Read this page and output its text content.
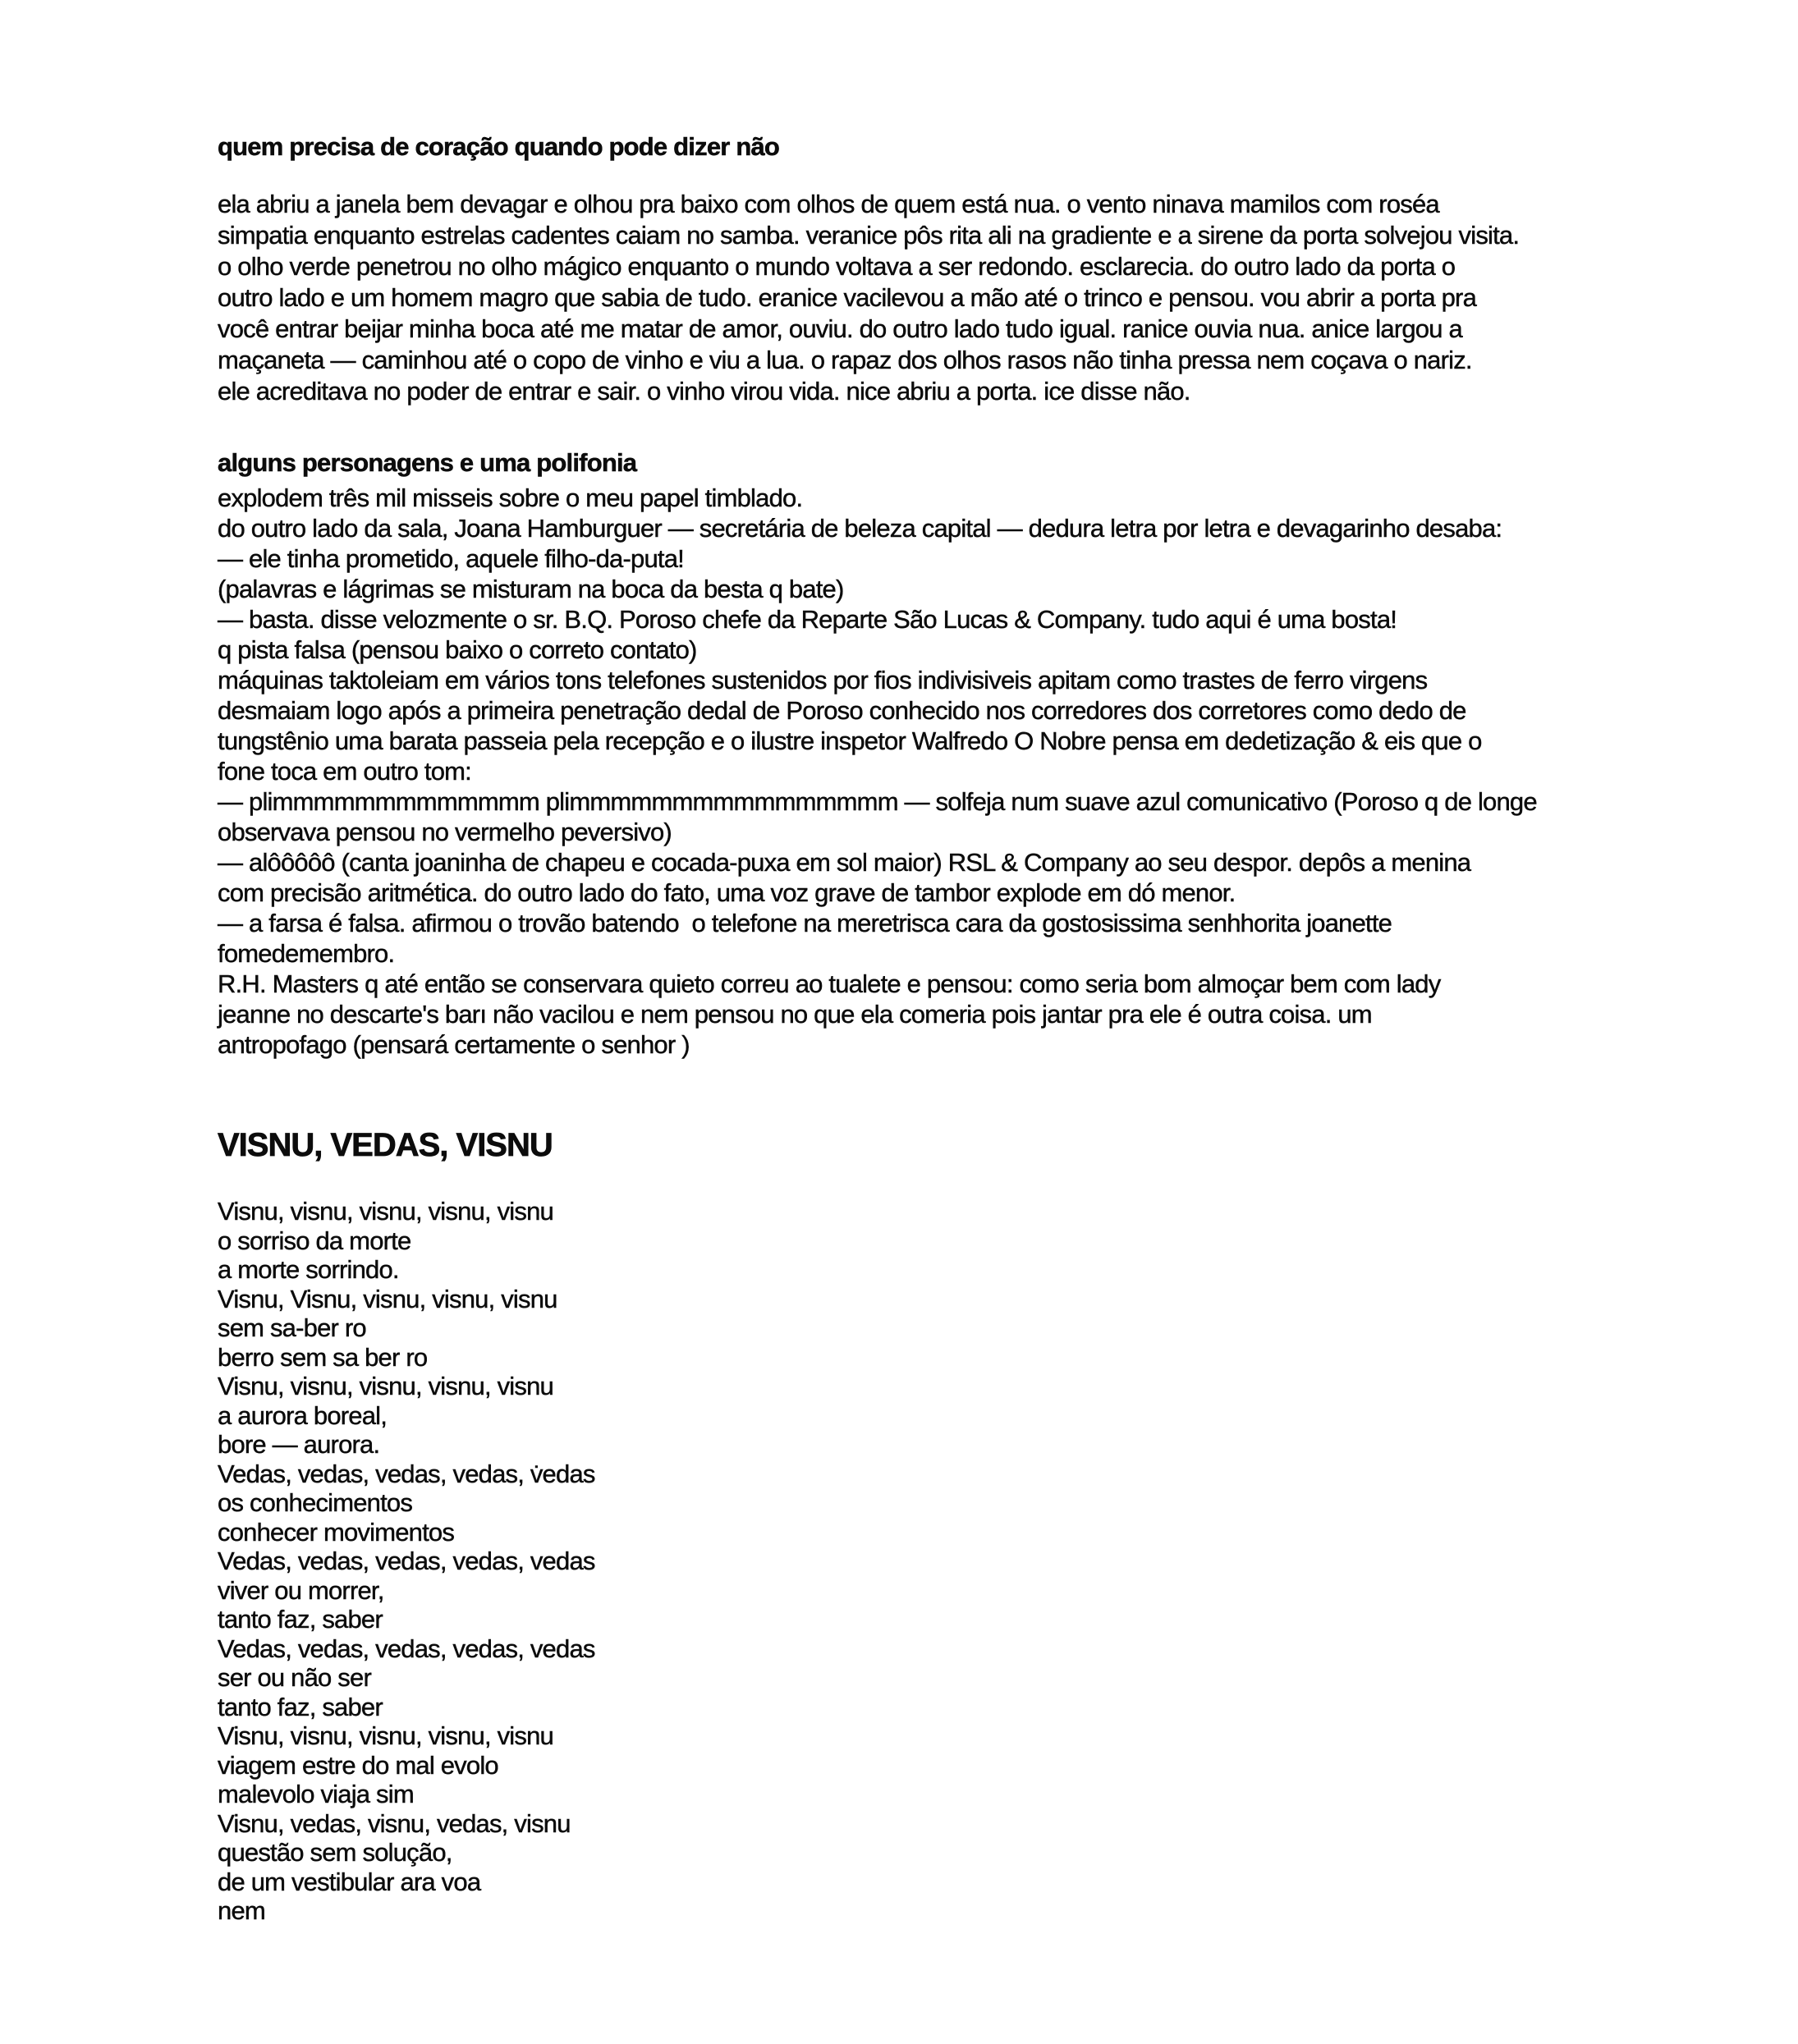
quem precisa de coração quando pode dizer não
ela abriu a janela bem devagar e olhou pra baixo com olhos de quem está nua. o vento ninava mamilos com roséa
simpatia enquanto estrelas cadentes caiam no samba. veranice pôs rita ali na gradiente e a sirene da porta solvejou visita.
o olho verde penetrou no olho mágico enquanto o mundo voltava a ser redondo. esclarecia. do outro lado da porta o
outro lado e um homem magro que sabia de tudo. eranice vacilevou a mão até o trinco e pensou. vou abrir a porta pra
você entrar beijar minha boca até me matar de amor, ouviu. do outro lado tudo igual. ranice ouvia nua. anice largou a
maçaneta — caminhou até o copo de vinho e viu a lua. o rapaz dos olhos rasos não tinha pressa nem coçava o nariz.
ele acreditava no poder de entrar e sair. o vinho virou vida. nice abriu a porta. ice disse não.
alguns personagens e uma polifonia
explodem três mil misseis sobre o meu papel timblado.
do outro lado da sala, Joana Hamburguer — secretária de beleza capital — dedura letra por letra e devagarinho desaba:
— ele tinha prometido, aquele filho-da-puta!
(palavras e lágrimas se misturam na boca da besta q bate)
— basta. disse velozmente o sr. B.Q. Poroso chefe da Reparte São Lucas & Company. tudo aqui é uma bosta!
q pista falsa (pensou baixo o correto contato)
máquinas taktoleiam em vários tons telefones sustenidos por fios indivisiveis apitam como trastes de ferro virgens
desmaiam logo após a primeira penetração dedal de Poroso conhecido nos corredores dos corretores como dedo de
tungstênio uma barata passeia pela recepção e o ilustre inspetor Walfredo O Nobre pensa em dedetização & eis que o
fone toca em outro tom:
— plimmmmmmmmmmmmm plimmmmmmmmmmmmmmmm — solfeja num suave azul comunicativo (Poroso q de longe
observava pensou no vermelho peversivo)
— alôôôôô (canta joaninha de chapeu e cocada-puxa em sol maior) RSL & Company ao seu despor. depôs a menina
com precisão aritmética. do outro lado do fato, uma voz grave de tambor explode em dó menor.
— a farsa é falsa. afirmou o trovão batendo  o telefone na meretrisca cara da gostosissima senhhorita joanette
fomedemembro.
R.H. Masters q até então se conservara quieto correu ao tualete e pensou: como seria bom almoçar bem com lady
jeanne no descarte's barı não vacilou e nem pensou no que ela comeria pois jantar pra ele é outra coisa. um
antropofago (pensará certamente o senhor )
VISNU, VEDAS, VISNU
Visnu, visnu, visnu, visnu, visnu
o sorriso da morte
a morte sorrindo.
Visnu, Visnu, visnu, visnu, visnu
sem sa-ber ro
berro sem sa ber ro
Visnu, visnu, visnu, visnu, visnu
a aurora boreal,
bore — aurora.
Vedas, vedas, vedas, vedas, v̇edas
os conhecimentos
conhecer movimentos
Vedas, vedas, vedas, vedas, vedas
viver ou morrer,
tanto faz, saber
Vedas, vedas, vedas, vedas, vedas
ser ou não ser
tanto faz, saber
Visnu, visnu, visnu, visnu, visnu
viagem estre do mal evolo
malevolo viaja sim
Visnu, vedas, visnu, vedas, visnu
questão sem solução,
de um vestibular ara voa
nem
